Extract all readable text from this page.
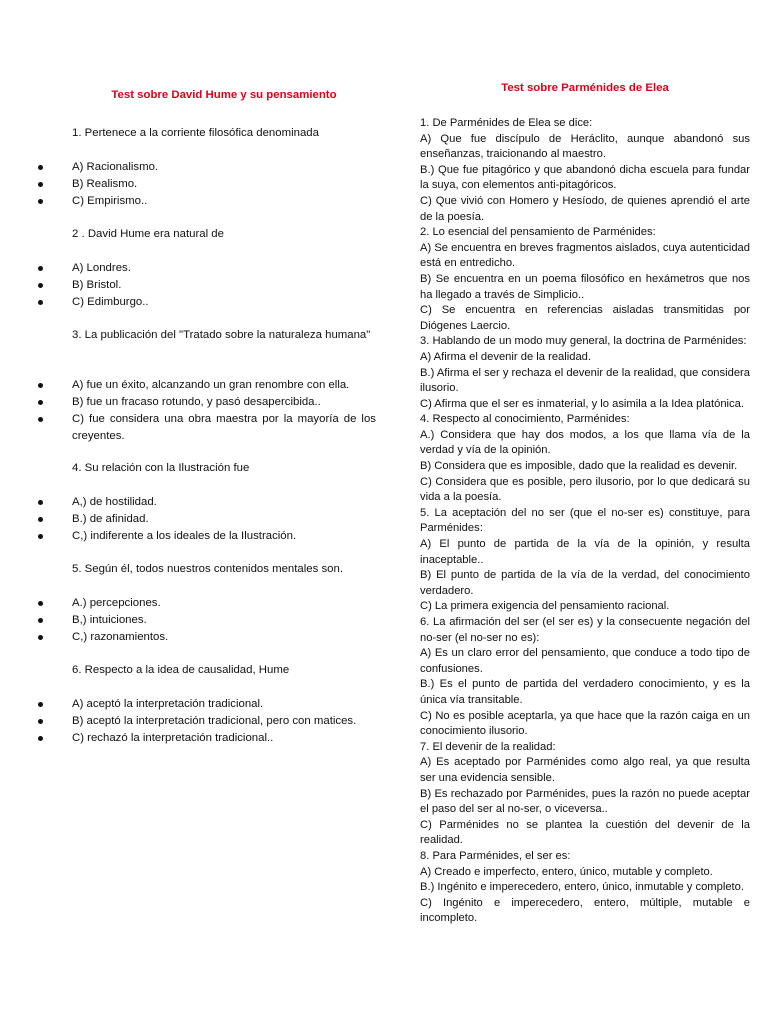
Test sobre David Hume y su pensamiento
1. Pertenece a la corriente filosófica denominada
A) Racionalismo.
B) Realismo.
C) Empirismo..
2 . David Hume era natural de
A) Londres.
B) Bristol.
C) Edimburgo..
3. La publicación del "Tratado sobre la naturaleza humana"
A) fue un éxito, alcanzando un gran renombre con ella.
B) fue un fracaso rotundo, y pasó desapercibida..
C) fue considera una obra maestra por la mayoría de los creyentes.
4. Su relación con la Ilustración fue
A,) de hostilidad.
B.) de afinidad.
C,) indiferente a los ideales de la Ilustración.
5. Según él, todos nuestros contenidos mentales son.
A.) percepciones.
B,) intuiciones.
C,) razonamientos.
6. Respecto a la idea de causalidad, Hume
A) aceptó la interpretación tradicional.
B) aceptó la interpretación tradicional, pero con matices.
C) rechazó la interpretación tradicional..
Test sobre Parménides de Elea

1. De Parménides de Elea se dice:

A) Que fue discípulo de Heráclito, aunque abandonó sus enseñanzas, traicionando al maestro.

B.) Que fue pitagórico y que abandonó dicha escuela para fundar la suya, con elementos anti-pitagóricos.

C) Que vivió con Homero y Hesíodo, de quienes aprendió el arte de la poesía.

2. Lo esencial del pensamiento de Parménides:

A) Se encuentra en breves fragmentos aislados, cuya autenticidad está en entredicho.

B) Se encuentra en un poema filosófico en hexámetros que nos ha llegado a través de Simplicio..

C) Se encuentra en referencias aisladas transmitidas por Diógenes Laercio.

3. Hablando de un modo muy general, la doctrina de Parménides:

A) Afirma el devenir de la realidad.

B.) Afirma el ser y rechaza el devenir de la realidad, que considera ilusorio.

C) Afirma que el ser es inmaterial, y lo asimila a la Idea platónica.

4. Respecto al conocimiento, Parménides:

A.) Considera que hay dos modos, a los que llama vía de la verdad y vía de la opinión.

B) Considera que es imposible, dado que la realidad es devenir.

C) Considera que es posible, pero ilusorio, por lo que dedicará su vida a la poesía.

5. La aceptación del no ser (que el no-ser es) constituye, para Parménides:

A) El punto de partida de la vía de la opinión, y resulta inaceptable..

B) El punto de partida de la vía de la verdad, del conocimiento verdadero.

C) La primera exigencia del pensamiento racional.

6. La afirmación del ser (el ser es) y la consecuente negación del no-ser (el no-ser no es):

A) Es un claro error del pensamiento, que conduce a todo tipo de confusiones.

B.) Es el punto de partida del verdadero conocimiento, y es la única vía transitable.

C) No es posible aceptarla, ya que hace que la razón caiga en un conocimiento ilusorio.

7. El devenir de la realidad:

A) Es aceptado por Parménides como algo real, ya que resulta ser una evidencia sensible.

B) Es rechazado por Parménides, pues la razón no puede aceptar el paso del ser al no-ser, o viceversa..

C) Parménides no se plantea la cuestión del devenir de la realidad.

8. Para Parménides, el ser es:

A) Creado e imperfecto, entero, único, mutable y completo.

B.) Ingénito e imperecedero, entero, único, inmutable y completo.

C) Ingénito e imperecedero, entero, múltiple, mutable e incompleto.
